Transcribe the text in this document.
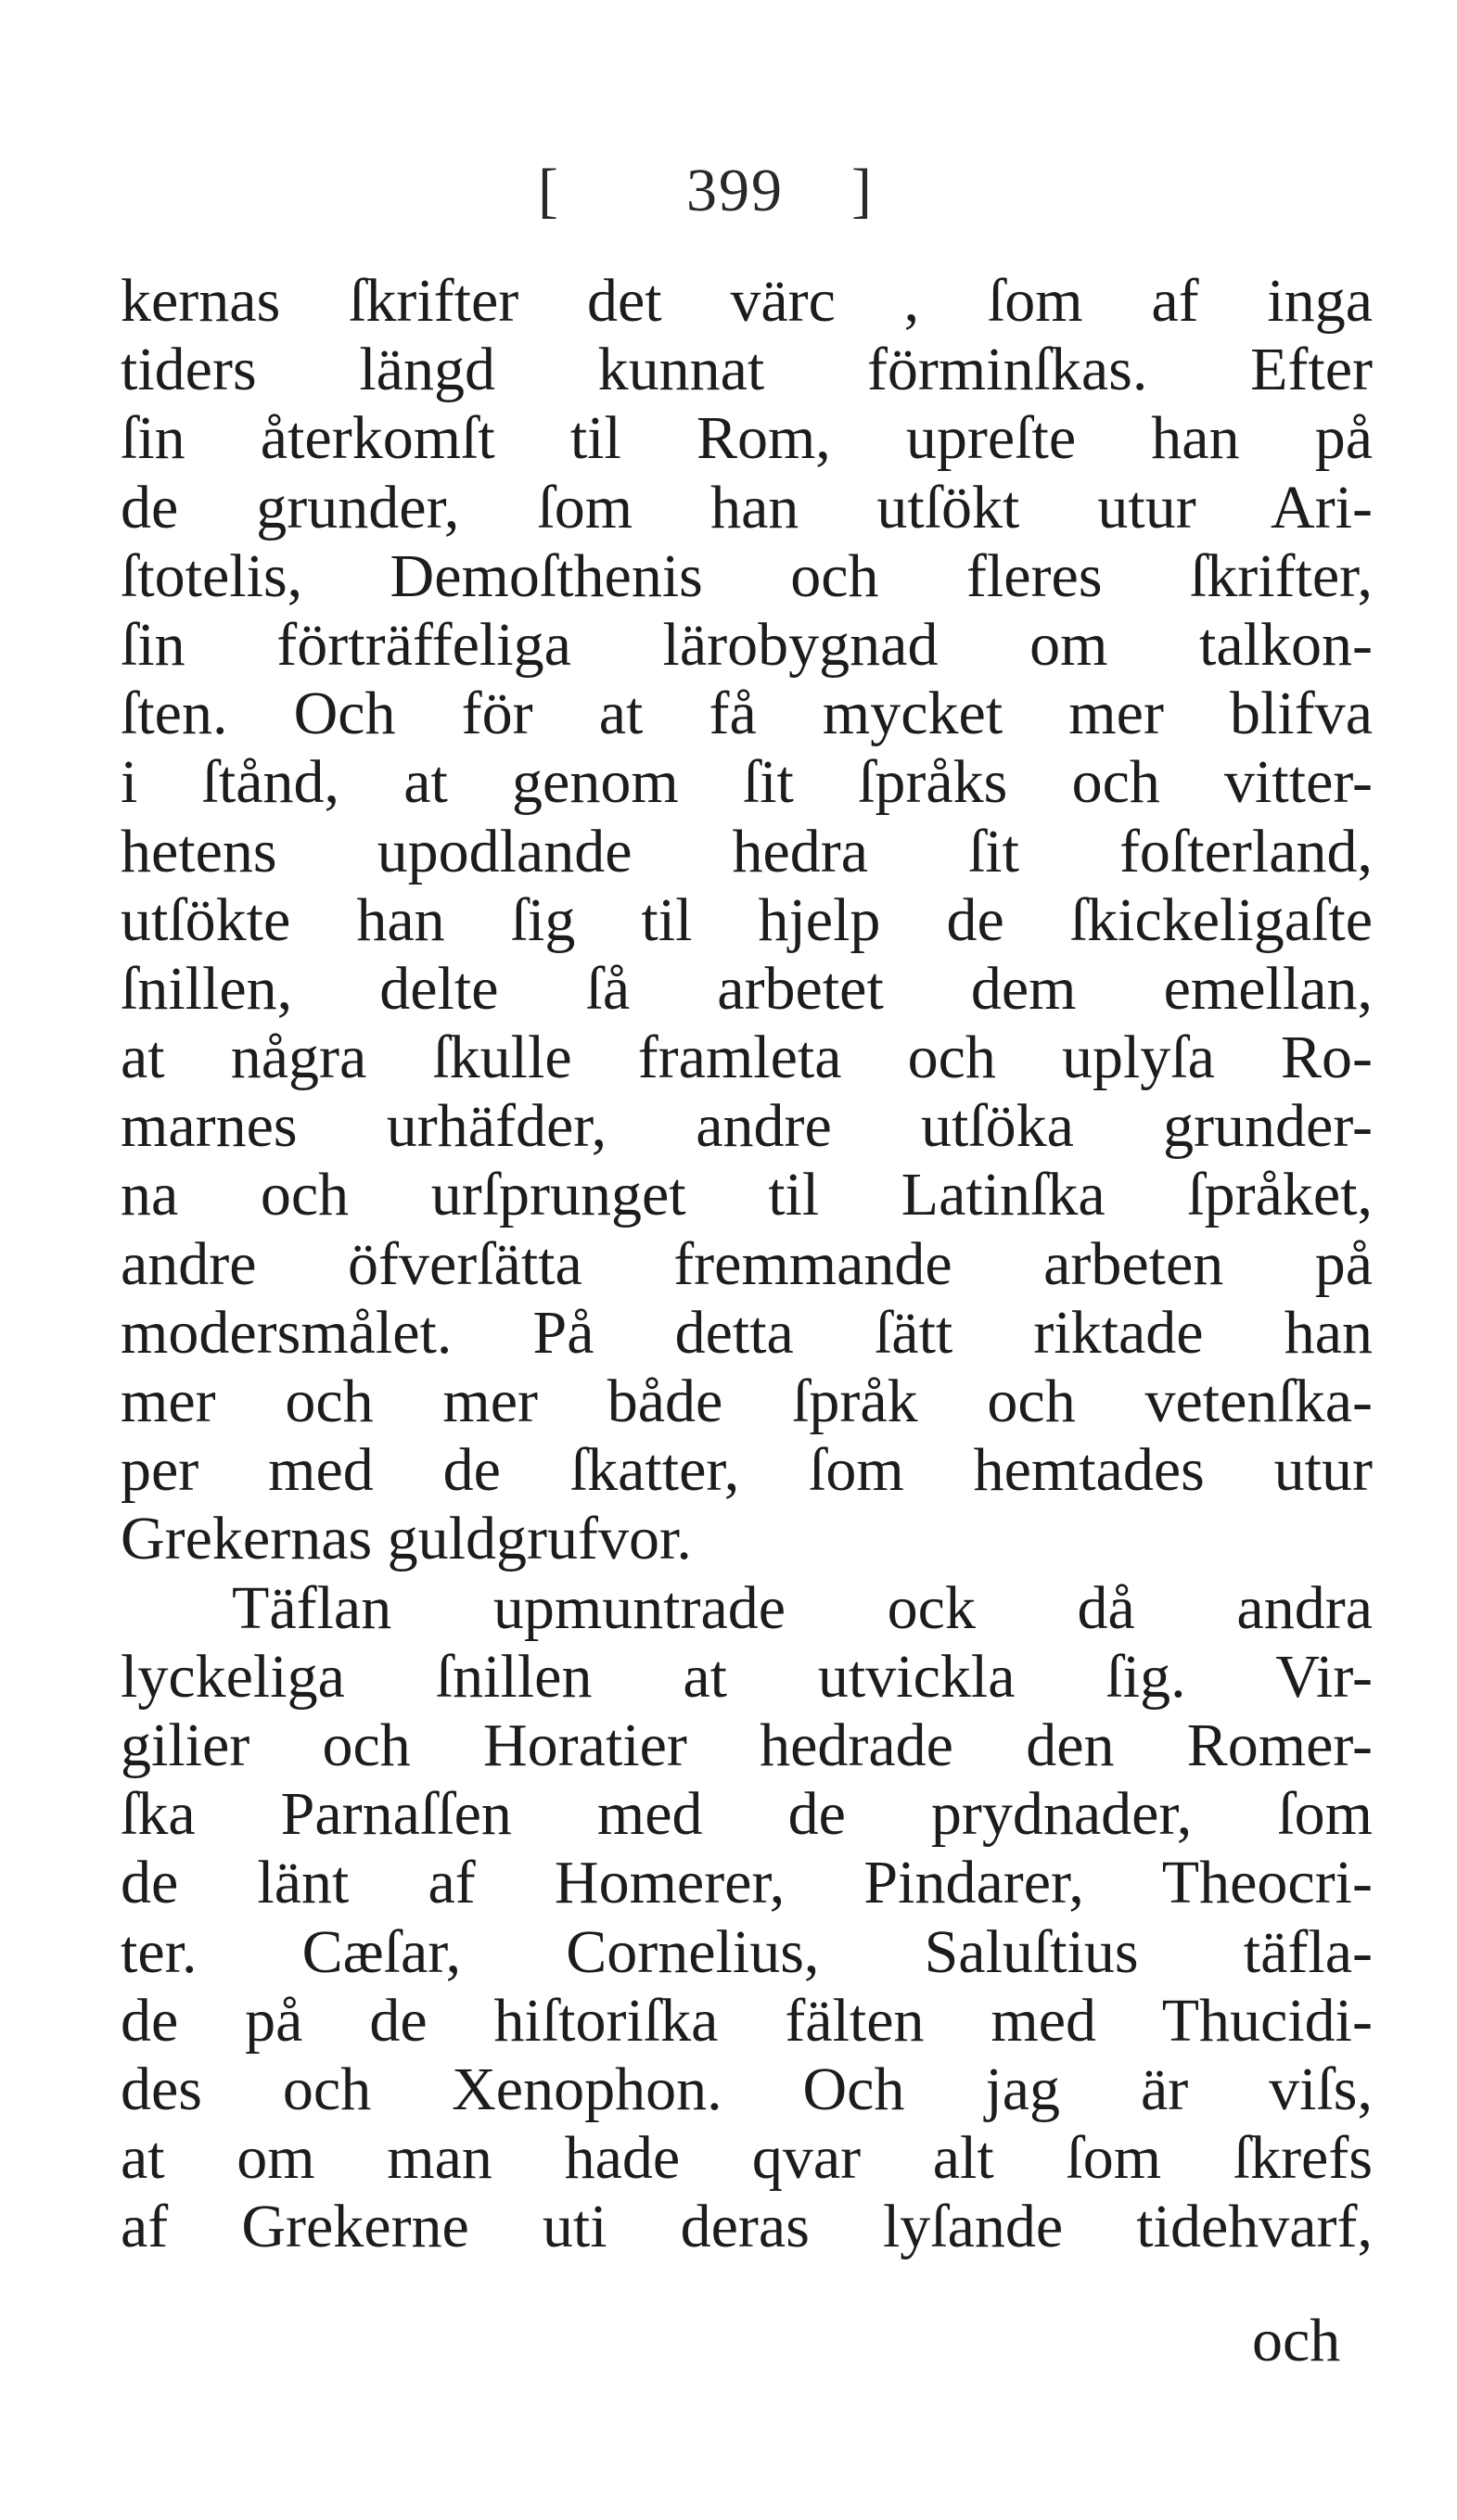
[ 399 ]
kernas ſkrifter det värc , ſom af inga
tiders längd kunnat förminſkas. Efter
ſin återkomſt til Rom, upreſte han på
de grunder, ſom han utſökt utur Ari-
ſtotelis, Demoſthenis och fleres ſkrifter,
ſin förträffeliga lärobygnad om talkon-
ſten. Och för at få mycket mer blifva
i ſtånd, at genom ſit ſpråks och vitter-
hetens upodlande hedra ſit foſterland,
utſökte han ſig til hjelp de ſkickeligaſte
ſnillen, delte ſå arbetet dem emellan,
at några ſkulle framleta och uplyſa Ro-
marnes urhäfder, andre utſöka grunder-
na och urſprunget til Latinſka ſpråket,
andre öfverſätta fremmande arbeten på
modersmålet. På detta ſätt riktade han
mer och mer både ſpråk och vetenſka-
per med de ſkatter, ſom hemtades utur
Grekernas guldgrufvor.
Täflan upmuntrade ock då andra
lyckeliga ſnillen at utvickla ſig. Vir-
gilier och Horatier hedrade den Romer-
ſka Parnaſſen med de prydnader, ſom
de länt af Homerer, Pindarer, Theocri-
ter. Cæſar, Cornelius, Saluſtius täfla-
de på de hiſtoriſka fälten med Thucidi-
des och Xenophon. Och jag är viſs,
at om man hade qvar alt ſom ſkrefs
af Grekerne uti deras lyſande tidehvarf,
och
